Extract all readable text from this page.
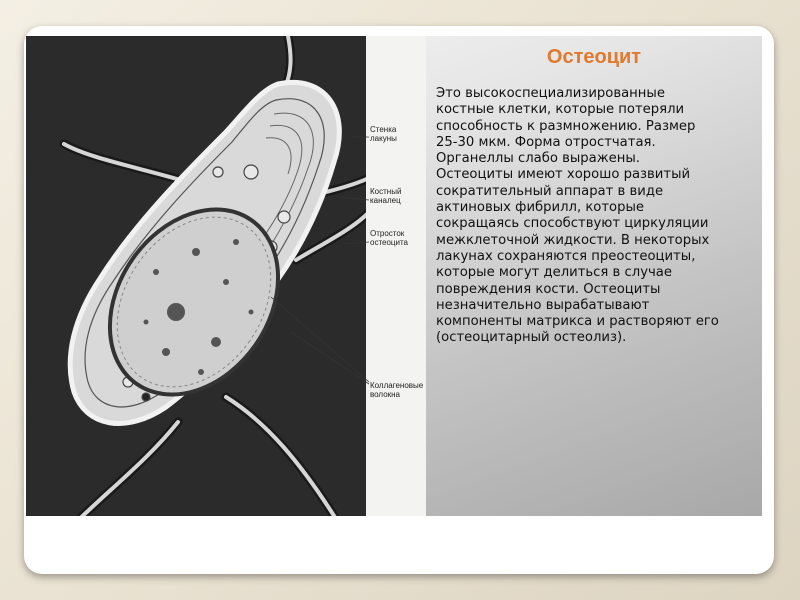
Стенка
лакуны
Костный
каналец
Отросток
остеоцита
Коллагеновые
волокна
Остеоцит
Это высокоспециализированные
костные клетки, которые потеряли
способность к размножению. Размер
25-30 мкм. Форма отростчатая.
Органеллы слабо выражены.
Остеоциты имеют хорошо развитый
сократительный аппарат в виде
актиновых фибрилл, которые
сокращаясь способствуют циркуляции
межклеточной жидкости. В некоторых
лакунах сохраняются преостеоциты,
которые могут делиться в случае
повреждения кости. Остеоциты
незначительно вырабатывают
компоненты матрикса и растворяют его
(остеоцитарный остеолиз).
